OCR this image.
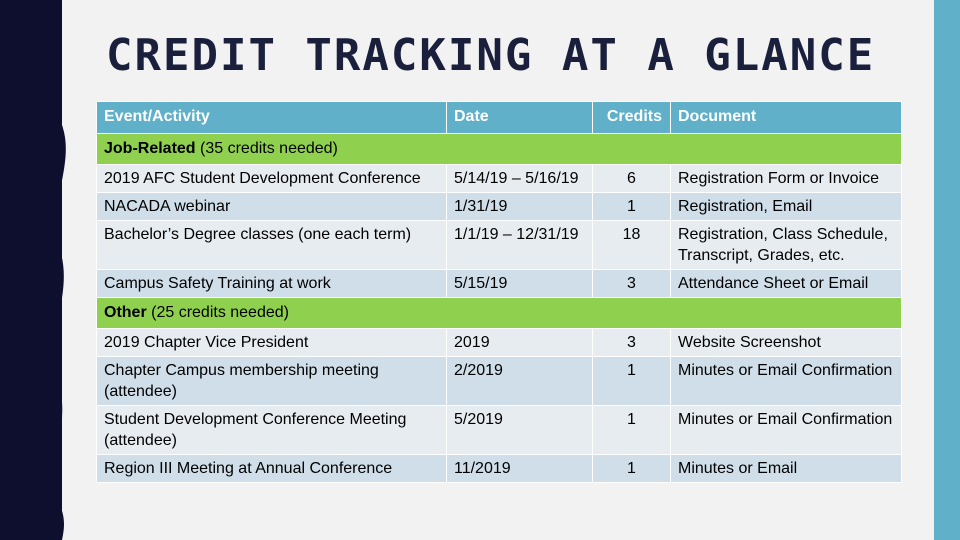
CREDIT TRACKING AT A GLANCE
Event/Activity	Date	Credits	Document
Job-Related (35 credits needed)			
2019 AFC Student Development Conference	5/14/19 – 5/16/19	6	Registration Form or Invoice
NACADA webinar	1/31/19	1	Registration, Email
Bachelor’s Degree classes (one each term)	1/1/19 – 12/31/19	18	Registration, Class Schedule, Transcript, Grades, etc.
Campus Safety Training at work	5/15/19	3	Attendance Sheet or Email
Other (25 credits needed)			
2019 Chapter Vice President	2019	3	Website Screenshot
Chapter Campus membership meeting (attendee)	2/2019	1	Minutes or Email Confirmation
Student Development Conference Meeting (attendee)	5/2019	1	Minutes or Email Confirmation
Region III Meeting at Annual Conference	11/2019	1	Minutes or Email
